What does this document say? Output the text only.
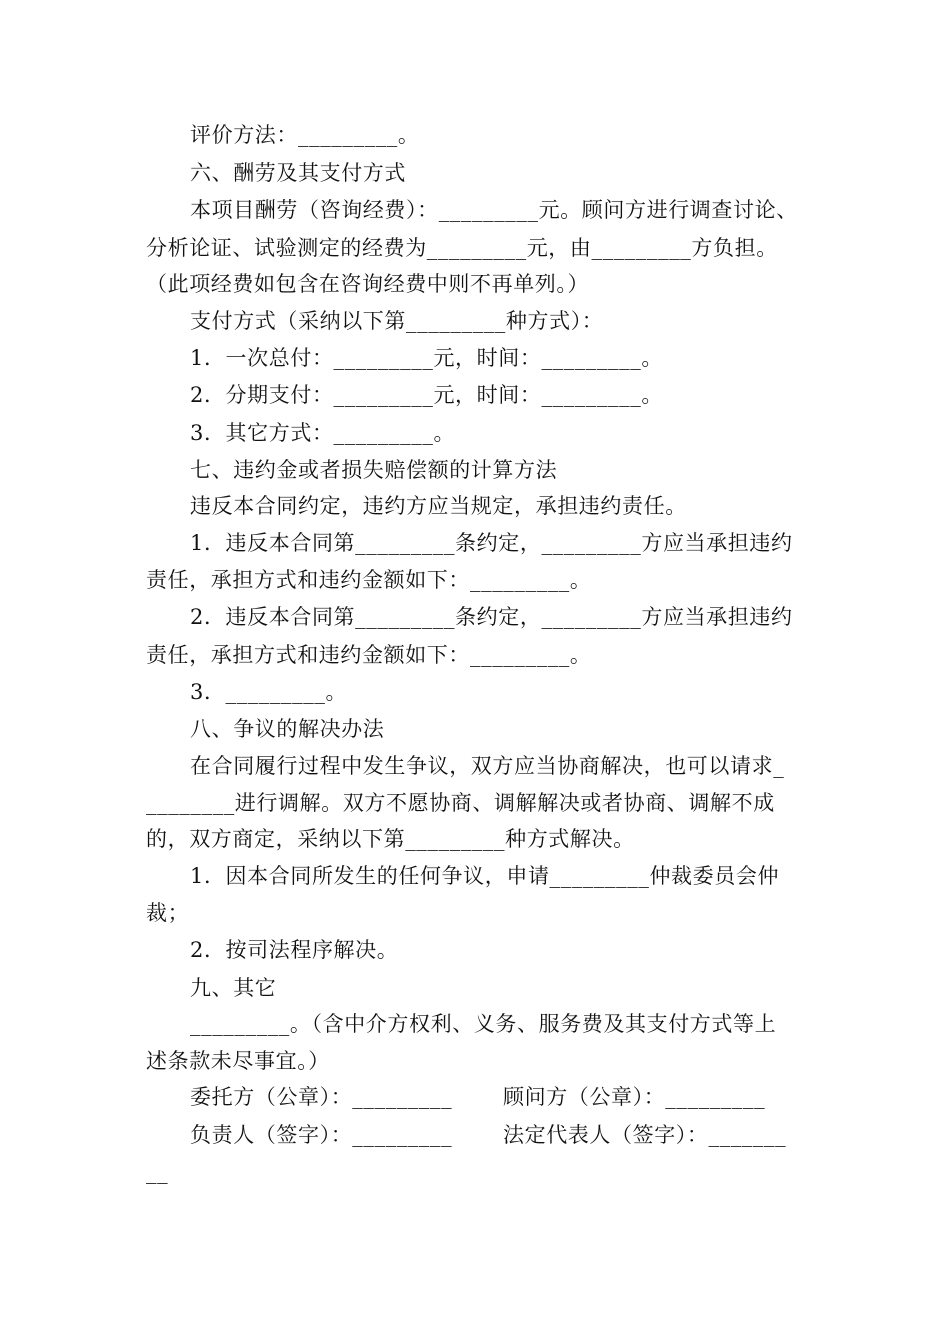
评价方法：_________。
六、酬劳及其支付方式
本项目酬劳（咨询经费）：_________元。顾问方进行调查讨论、
分析论证、试验测定的经费为_________元，由_________方负担。
（此项经费如包含在咨询经费中则不再单列。）
支付方式（采纳以下第_________种方式）：
1．一次总付：_________元，时间：_________。
2．分期支付：_________元，时间：_________。
3．其它方式：_________。
七、违约金或者损失赔偿额的计算方法
违反本合同约定，违约方应当规定，承担违约责任。
1．违反本合同第_________条约定，_________方应当承担违约
责任，承担方式和违约金额如下：_________。
2．违反本合同第_________条约定，_________方应当承担违约
责任，承担方式和违约金额如下：_________。
3．_________。
八、争议的解决办法
在合同履行过程中发生争议，双方应当协商解决，也可以请求_
________进行调解。双方不愿协商、调解解决或者协商、调解不成
的，双方商定，采纳以下第_________种方式解决。
1．因本合同所发生的任何争议，申请_________仲裁委员会仲
裁；
2．按司法程序解决。
九、其它
_________。（含中介方权利、义务、服务费及其支付方式等上
述条款未尽事宜。）
委托方（公章）：_________ 顾问方（公章）：_________
负责人（签字）：_________ 法定代表人（签字）：_______
__
